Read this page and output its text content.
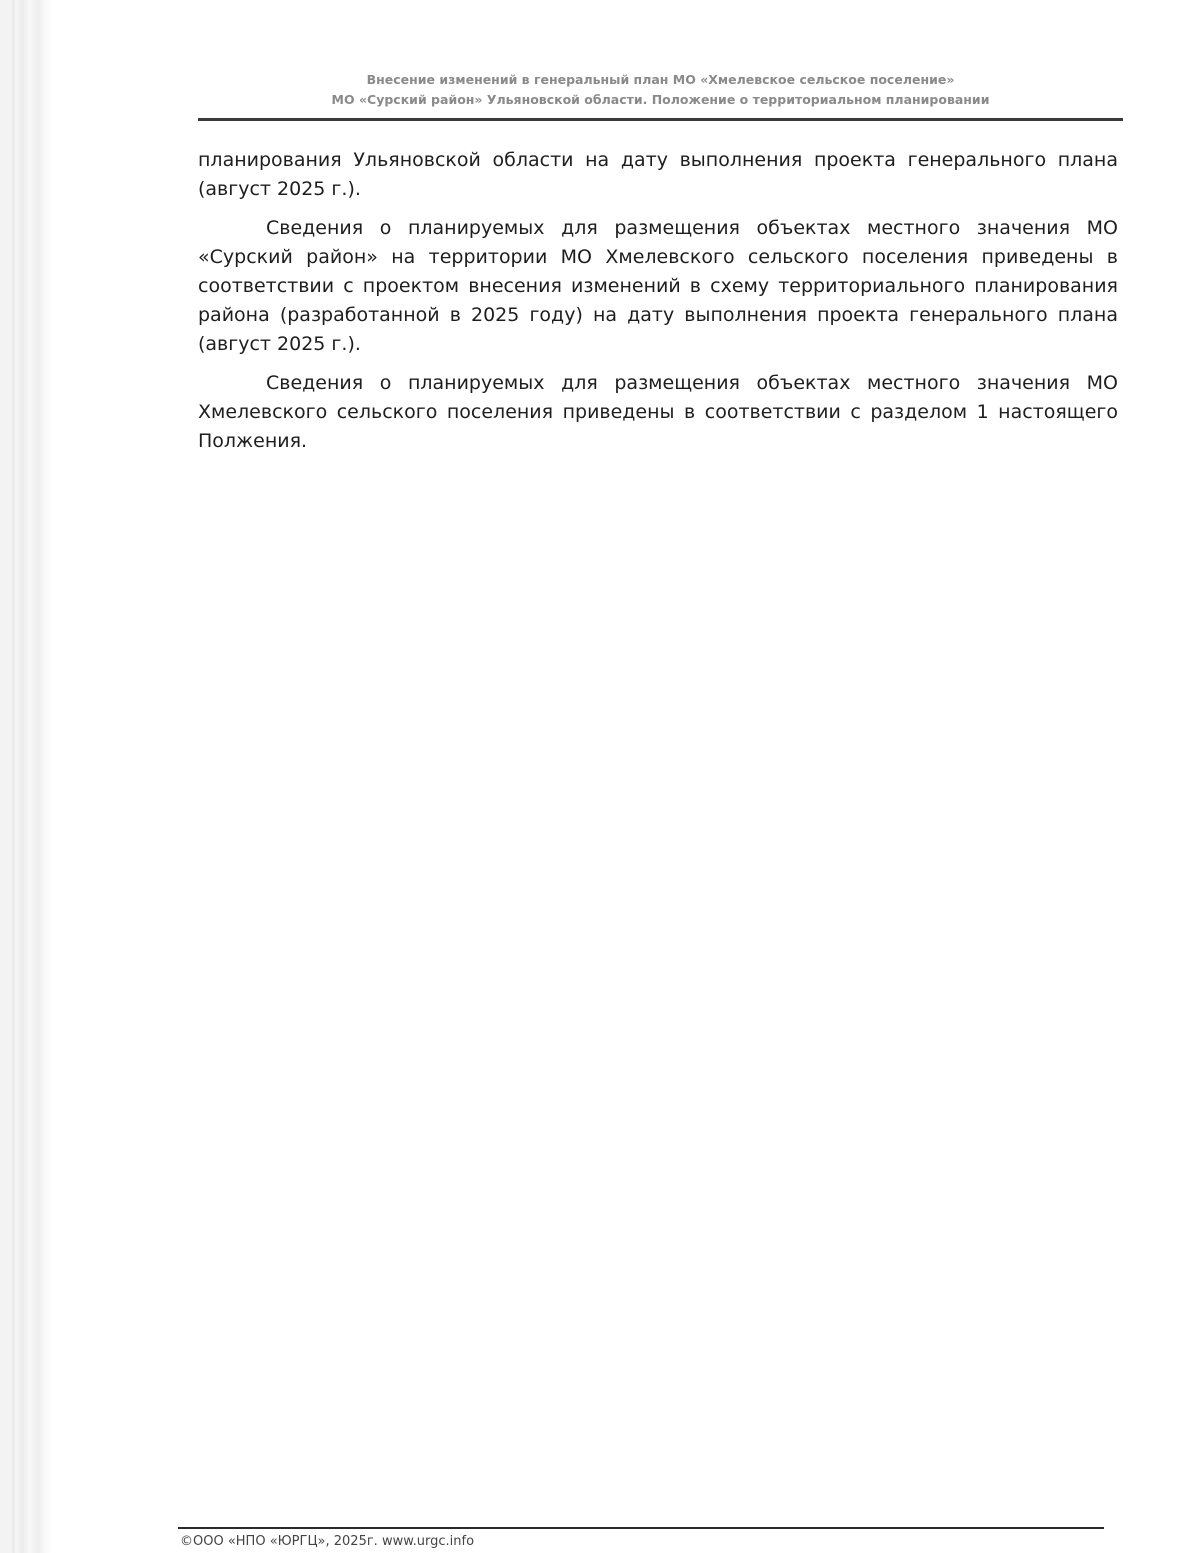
Внесение изменений в генеральный план МО «Хмелевское сельское поселение»
МО «Сурский район» Ульяновской области. Положение о территориальном планировании

планирования Ульяновской области на дату выполнения проекта генерального плана (август 2025 г.).

Сведения о планируемых для размещения объектах местного значения МО «Сурский район» на территории МО Хмелевского сельского поселения приведены в соответствии с проектом внесения изменений в схему территориального планирования района (разработанной в 2025 году) на дату выполнения проекта генерального плана (август 2025 г.).

Сведения о планируемых для размещения объектах местного значения МО Хмелевского сельского поселения приведены в соответствии с разделом 1 настоящего Полжения.

©ООО «НПО «ЮРГЦ», 2025г. www.urgc.info
